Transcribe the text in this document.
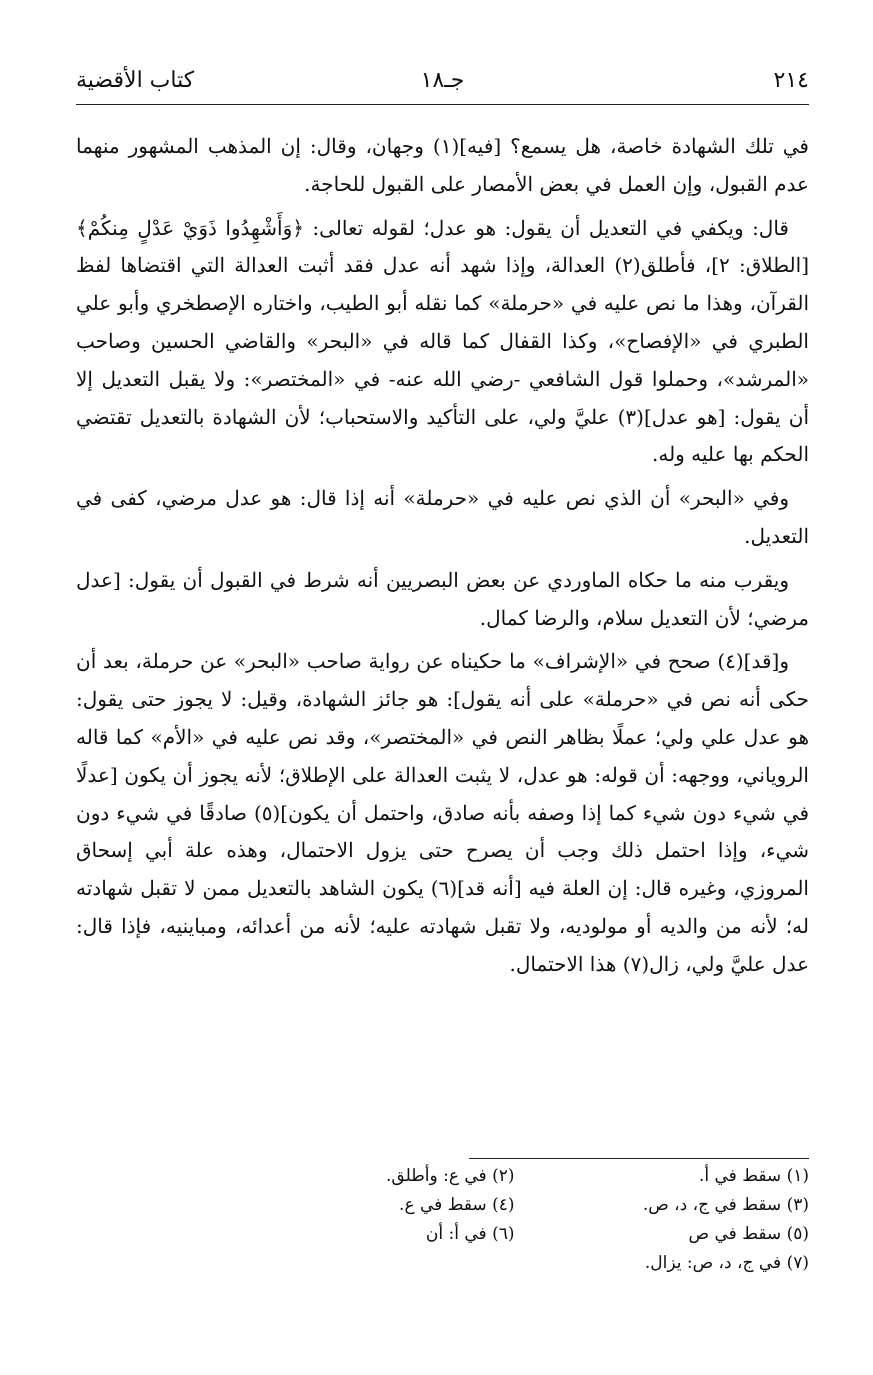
٢١٤
جـ١٨
كتاب الأقضية

في تلك الشهادة خاصة، هل يسمع؟ [فيه](١) وجهان، وقال: إن المذهب المشهور منهما عدم القبول، وإن العمل في بعض الأمصار على القبول للحاجة.

قال: ويكفي في التعديل أن يقول: هو عدل؛ لقوله تعالى: ﴿وَأَشْهِدُوا ذَوَيْ عَدْلٍ مِنكُمْ﴾ [الطلاق: ٢]، فأطلق(٢) العدالة، وإذا شهد أنه عدل فقد أثبت العدالة التي اقتضاها لفظ القرآن، وهذا ما نص عليه في «حرملة» كما نقله أبو الطيب، واختاره الإصطخري وأبو علي الطبري في «الإفصاح»، وكذا القفال كما قاله في «البحر» والقاضي الحسين وصاحب «المرشد»، وحملوا قول الشافعي -رضي الله عنه- في «المختصر»: ولا يقبل التعديل إلا أن يقول: [هو عدل](٣) عليَّ ولي، على التأكيد والاستحباب؛ لأن الشهادة بالتعديل تقتضي الحكم بها عليه وله.

وفي «البحر» أن الذي نص عليه في «حرملة» أنه إذا قال: هو عدل مرضي، كفى في التعديل.

ويقرب منه ما حكاه الماوردي عن بعض البصريين أنه شرط في القبول أن يقول: [عدل مرضي؛ لأن التعديل سلام، والرضا كمال.

و[قد](٤) صحح في «الإشراف» ما حكيناه عن رواية صاحب «البحر» عن حرملة، بعد أن حكى أنه نص في «حرملة» على أنه يقول]: هو جائز الشهادة، وقيل: لا يجوز حتى يقول: هو عدل علي ولي؛ عملًا بظاهر النص في «المختصر»، وقد نص عليه في «الأم» كما قاله الروياني، ووجهه: أن قوله: هو عدل، لا يثبت العدالة على الإطلاق؛ لأنه يجوز أن يكون [عدلًا في شيء دون شيء كما إذا وصفه بأنه صادق، واحتمل أن يكون](٥) صادقًا في شيء دون شيء، وإذا احتمل ذلك وجب أن يصرح حتى يزول الاحتمال، وهذه علة أبي إسحاق المروزي، وغيره قال: إن العلة فيه [أنه قد](٦) يكون الشاهد بالتعديل ممن لا تقبل شهادته له؛ لأنه من والديه أو مولوديه، ولا تقبل شهادته عليه؛ لأنه من أعدائه، ومباينيه، فإذا قال: عدل عليَّ ولي، زال(٧) هذا الاحتمال.

(١) سقط في أ.
(٢) في ع: وأطلق.
(٣) سقط في ج، د، ص.
(٤) سقط في ع.
(٥) سقط في ص
(٦) في أ: أن
(٧) في ج، د، ص: يزال.
